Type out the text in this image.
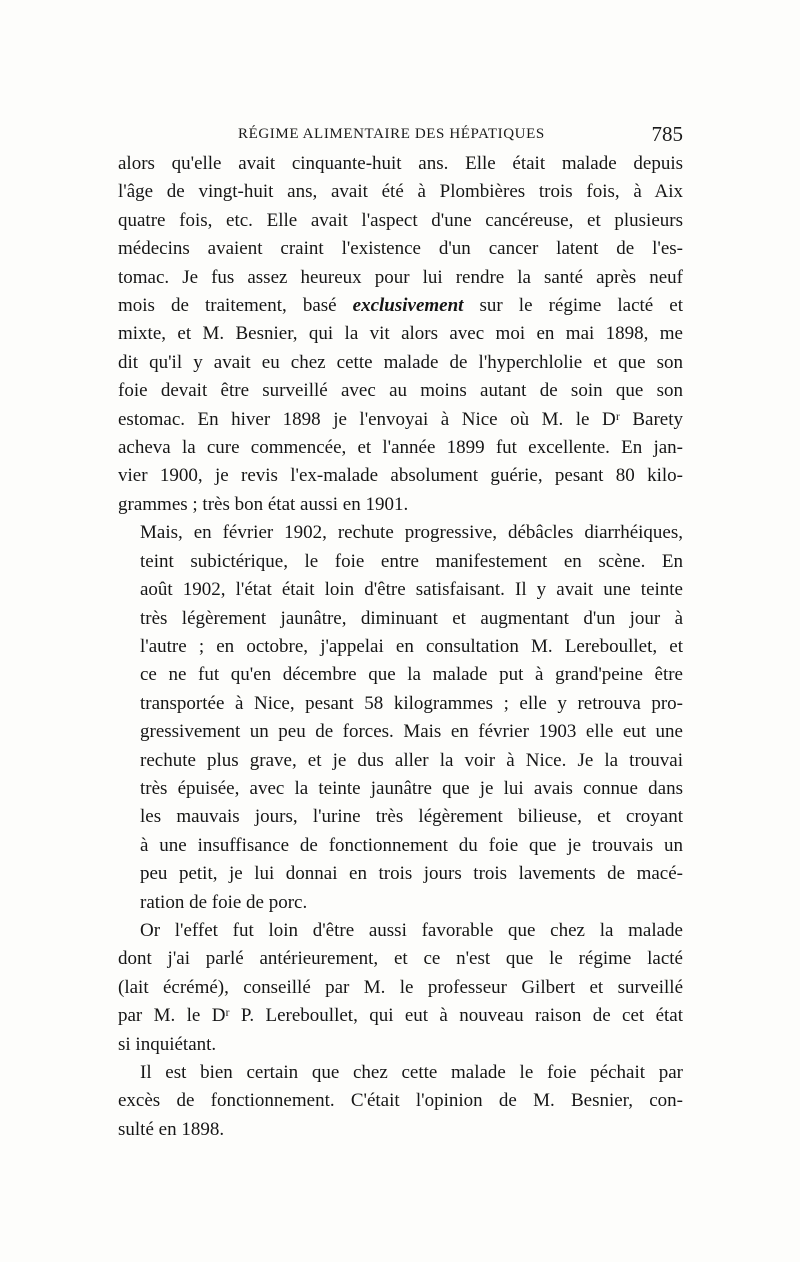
RÉGIME ALIMENTAIRE DES HÉPATIQUES	785

alors qu'elle avait cinquante-huit ans. Elle était malade depuis
l'âge de vingt-huit ans, avait été à Plombières trois fois, à Aix
quatre fois, etc. Elle avait l'aspect d'une cancéreuse, et plusieurs
médecins avaient craint l'existence d'un cancer latent de l'es-
tomac. Je fus assez heureux pour lui rendre la santé après neuf
mois de traitement, basé exclusivement sur le régime lacté et
mixte, et M. Besnier, qui la vit alors avec moi en mai 1898, me
dit qu'il y avait eu chez cette malade de l'hyperchlolie et que son
foie devait être surveillé avec au moins autant de soin que son
estomac. En hiver 1898 je l'envoyai à Nice où M. le Dʳ Barety
acheva la cure commencée, et l'année 1899 fut excellente. En jan-
vier 1900, je revis l'ex-malade absolument guérie, pesant 80 kilo-
grammes ; très bon état aussi en 1901.

Mais, en février 1902, rechute progressive, débâcles diarrhéiques,
teint subictérique, le foie entre manifestement en scène. En
août 1902, l'état était loin d'être satisfaisant. Il y avait une teinte
très légèrement jaunâtre, diminuant et augmentant d'un jour à
l'autre ; en octobre, j'appelai en consultation M. Lereboullet, et
ce ne fut qu'en décembre que la malade put à grand'peine être
transportée à Nice, pesant 58 kilogrammes ; elle y retrouva pro-
gressivement un peu de forces. Mais en février 1903 elle eut une
rechute plus grave, et je dus aller la voir à Nice. Je la trouvai
très épuisée, avec la teinte jaunâtre que je lui avais connue dans
les mauvais jours, l'urine très légèrement bilieuse, et croyant
à une insuffisance de fonctionnement du foie que je trouvais un
peu petit, je lui donnai en trois jours trois lavements de macé-
ration de foie de porc.

Or l'effet fut loin d'être aussi favorable que chez la malade
dont j'ai parlé antérieurement, et ce n'est que le régime lacté
(lait écrémé), conseillé par M. le professeur Gilbert et surveillé
par M. le Dʳ P. Lereboullet, qui eut à nouveau raison de cet état
si inquiétant.

Il est bien certain que chez cette malade le foie péchait par
excès de fonctionnement. C'était l'opinion de M. Besnier, con-
sulté en 1898.
